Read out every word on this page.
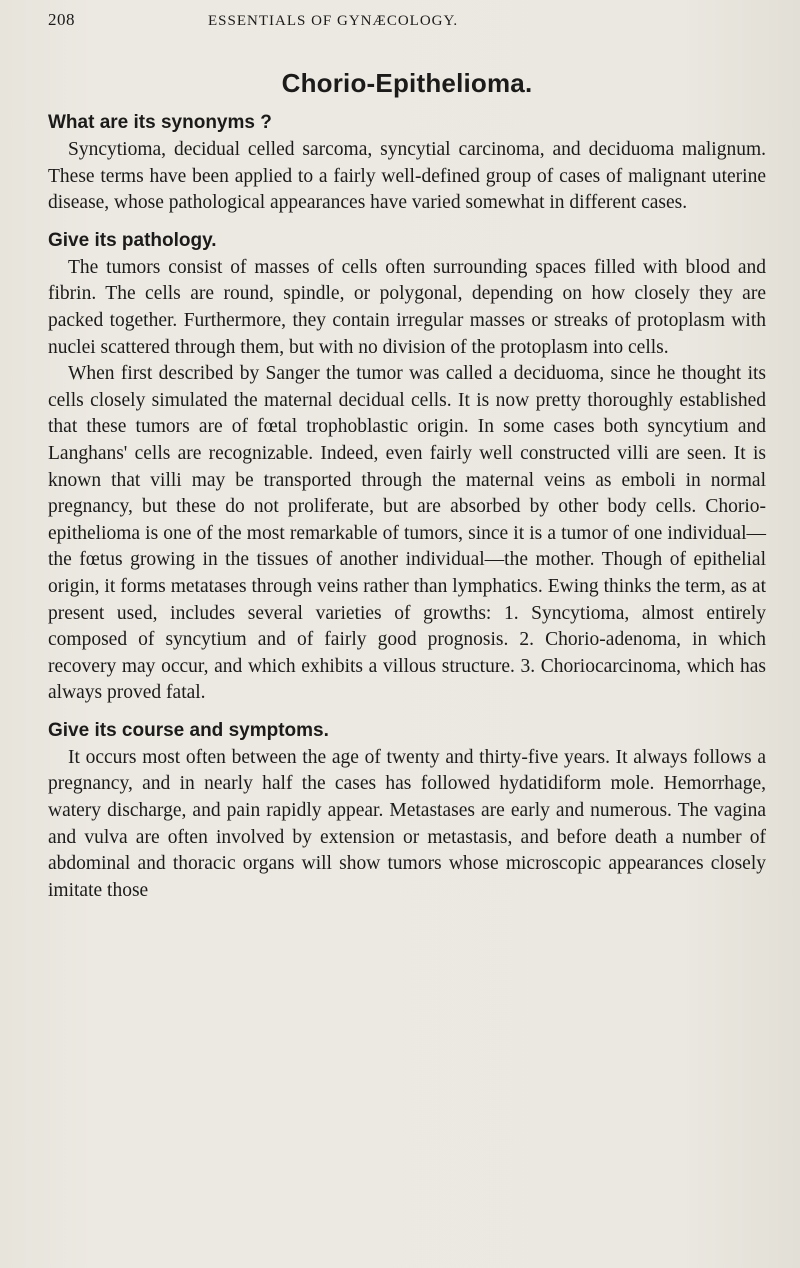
208	ESSENTIALS OF GYNÆCOLOGY.
Chorio-Epithelioma.
What are its synonyms ?

Syncytioma, decidual celled sarcoma, syncytial carcinoma, and deciduoma malignum. These terms have been applied to a fairly well-defined group of cases of malignant uterine disease, whose pathological appearances have varied somewhat in different cases.

Give its pathology.

The tumors consist of masses of cells often surrounding spaces filled with blood and fibrin. The cells are round, spindle, or polygonal, depending on how closely they are packed together. Furthermore, they contain irregular masses or streaks of protoplasm with nuclei scattered through them, but with no division of the protoplasm into cells.

When first described by Sanger the tumor was called a deciduoma, since he thought its cells closely simulated the maternal decidual cells. It is now pretty thoroughly established that these tumors are of fœtal trophoblastic origin. In some cases both syncytium and Langhans' cells are recognizable. Indeed, even fairly well constructed villi are seen. It is known that villi may be transported through the maternal veins as emboli in normal pregnancy, but these do not proliferate, but are absorbed by other body cells. Chorio-epithelioma is one of the most remarkable of tumors, since it is a tumor of one individual—the fœtus growing in the tissues of another individual—the mother. Though of epithelial origin, it forms metatases through veins rather than lymphatics. Ewing thinks the term, as at present used, includes several varieties of growths: 1. Syncytioma, almost entirely composed of syncytium and of fairly good prognosis. 2. Chorio-adenoma, in which recovery may occur, and which exhibits a villous structure. 3. Choriocarcinoma, which has always proved fatal.

Give its course and symptoms.

It occurs most often between the age of twenty and thirty-five years. It always follows a pregnancy, and in nearly half the cases has followed hydatidiform mole. Hemorrhage, watery discharge, and pain rapidly appear. Metastases are early and numerous. The vagina and vulva are often involved by extension or metastasis, and before death a number of abdominal and thoracic organs will show tumors whose microscopic appearances closely imitate those
